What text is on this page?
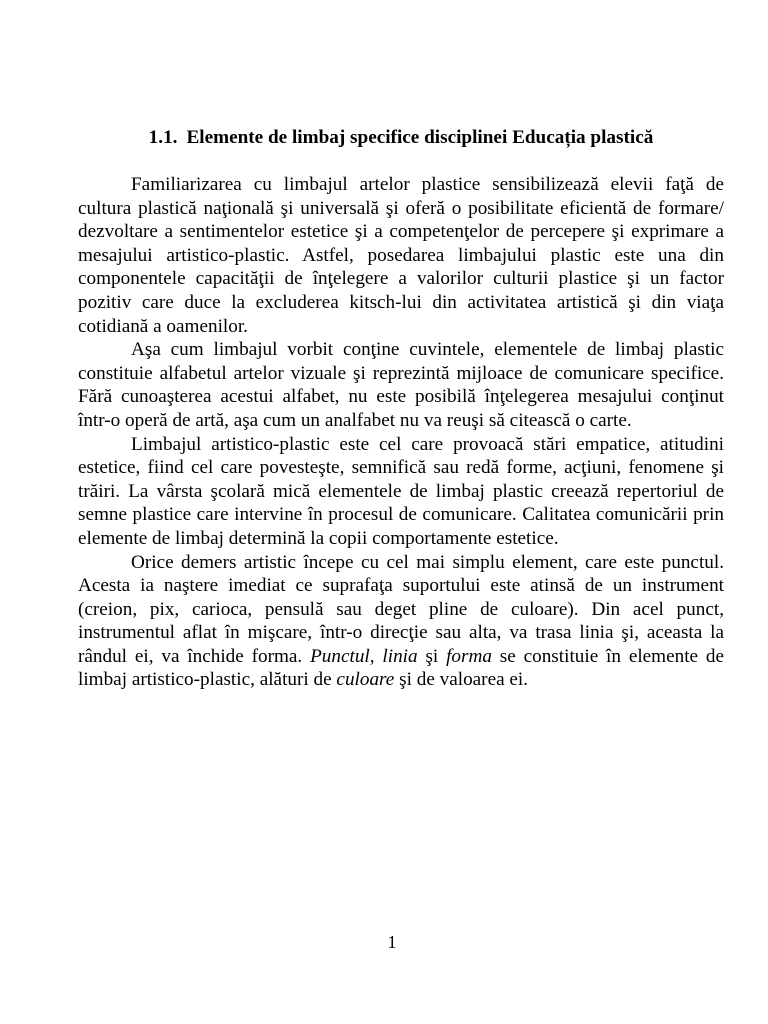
1.1. Elemente de limbaj specifice disciplinei Educația plastică

Familiarizarea cu limbajul artelor plastice sensibilizează elevii faţă de cultura plastică naţională şi universală şi oferă o posibilitate eficientă de formare/ dezvoltare a sentimentelor estetice şi a competenţelor de percepere şi exprimare a mesajului artistico-plastic. Astfel, posedarea limbajului plastic este una din componentele capacităţii de înţelegere a valorilor culturii plastice şi un factor pozitiv care duce la excluderea kitsch-lui din activitatea artistică şi din viaţa cotidiană a oamenilor.

Aşa cum limbajul vorbit conţine cuvintele, elementele de limbaj plastic constituie alfabetul artelor vizuale şi reprezintă mijloace de comunicare specifice. Fără cunoaşterea acestui alfabet, nu este posibilă înţelegerea mesajului conţinut într-o operă de artă, aşa cum un analfabet nu va reuşi să citească o carte.

Limbajul artistico-plastic este cel care provoacă stări empatice, atitudini estetice, fiind cel care povesteşte, semnifică sau redă forme, acţiuni, fenomene şi trăiri. La vârsta şcolară mică elementele de limbaj plastic creează repertoriul de semne plastice care intervine în procesul de comunicare. Calitatea comunicării prin elemente de limbaj determină la copii comportamente estetice.

Orice demers artistic începe cu cel mai simplu element, care este punctul. Acesta ia naştere imediat ce suprafaţa suportului este atinsă de un instrument (creion, pix, carioca, pensulă sau deget pline de culoare). Din acel punct, instrumentul aflat în mişcare, într-o direcţie sau alta, va trasa linia şi, aceasta la rândul ei, va închide forma. Punctul, linia şi forma se constituie în elemente de limbaj artistico-plastic, alături de culoare şi de valoarea ei.

1
